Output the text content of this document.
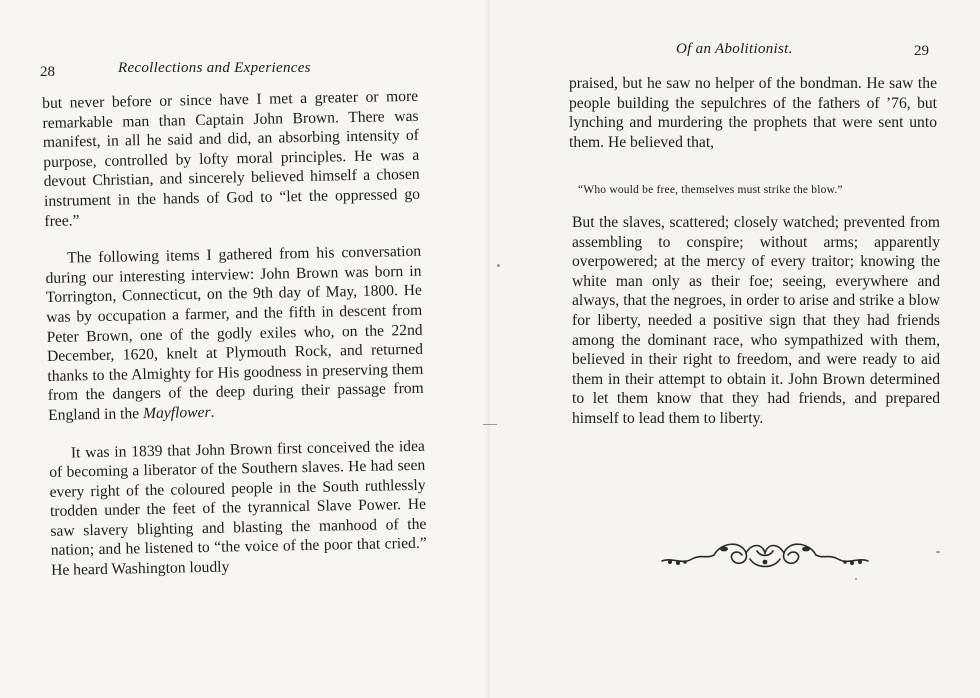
28	Recollections and Experiences

but never before or since have I met a greater or more remarkable man than Captain John Brown. There was manifest, in all he said and did, an absorbing intensity of purpose, controlled by lofty moral principles. He was a devout Christian, and sincerely believed himself a chosen instrument in the hands of God to “let the oppressed go free.”

The following items I gathered from his conversation during our interesting interview: John Brown was born in Torrington, Connecticut, on the 9th day of May, 1800. He was by occupation a farmer, and the fifth in descent from Peter Brown, one of the godly exiles who, on the 22nd December, 1620, knelt at Plymouth Rock, and returned thanks to the Almighty for His goodness in preserving them from the dangers of the deep during their passage from England in the Mayflower.

It was in 1839 that John Brown first conceived the idea of becoming a liberator of the Southern slaves. He had seen every right of the coloured people in the South ruthlessly trodden under the feet of the tyrannical Slave Power. He saw slavery blighting and blasting the manhood of the nation; and he listened to “the voice of the poor that cried.” He heard Washington loudly

Of an Abolitionist.	29

praised, but he saw no helper of the bondman. He saw the people building the sepulchres of the fathers of ’76, but lynching and murdering the prophets that were sent unto them. He believed that,

“Who would be free, themselves must strike the blow.”

But the slaves, scattered; closely watched; prevented from assembling to conspire; without arms; apparently overpowered; at the mercy of every traitor; knowing the white man only as their foe; seeing, everywhere and always, that the negroes, in order to arise and strike a blow for liberty, needed a positive sign that they had friends among the dominant race, who sympathized with them, believed in their right to freedom, and were ready to aid them in their attempt to obtain it. John Brown determined to let them know that they had friends, and prepared himself to lead them to liberty.
